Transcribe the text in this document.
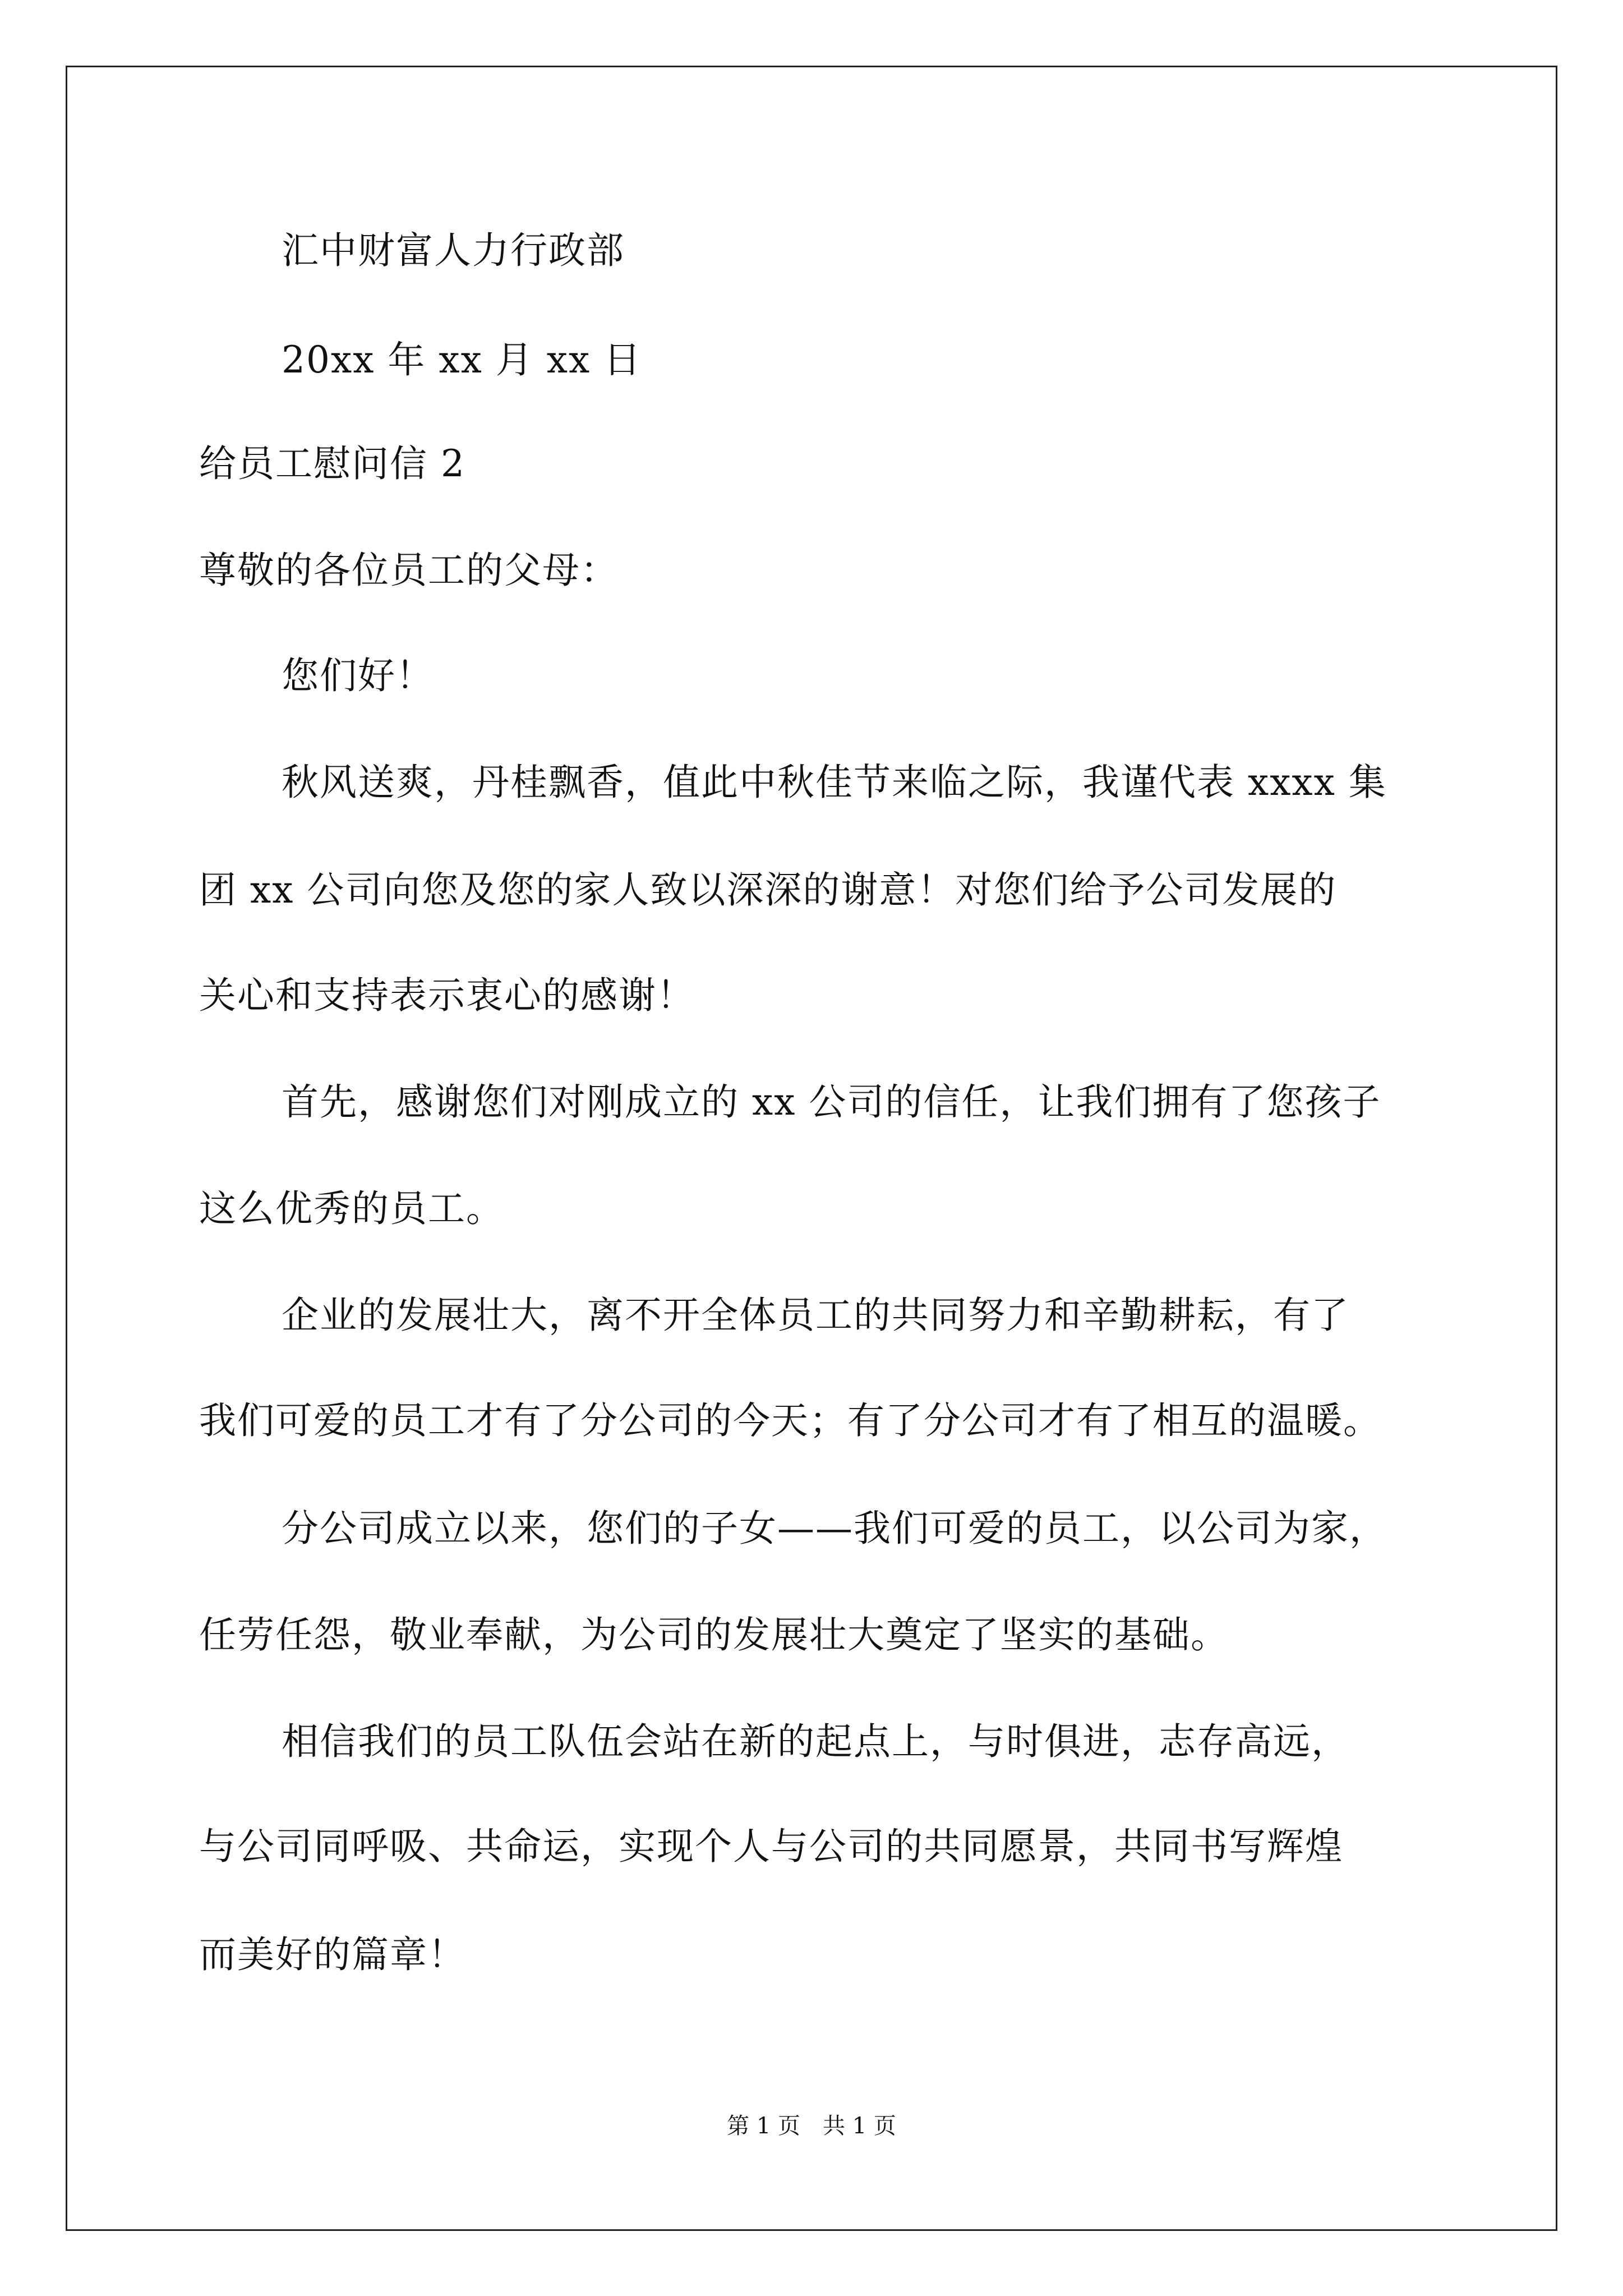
汇中财富人力行政部
20xx 年 xx 月 xx 日
给员工慰问信 2
尊敬的各位员工的父母：
您们好！
秋风送爽，丹桂飘香，值此中秋佳节来临之际，我谨代表 xxxx 集
团 xx 公司向您及您的家人致以深深的谢意！对您们给予公司发展的
关心和支持表示衷心的感谢！
首先，感谢您们对刚成立的 xx 公司的信任，让我们拥有了您孩子
这么优秀的员工。
企业的发展壮大，离不开全体员工的共同努力和辛勤耕耘，有了
我们可爱的员工才有了分公司的今天；有了分公司才有了相互的温暖。
分公司成立以来，您们的子女——我们可爱的员工，以公司为家，
任劳任怨，敬业奉献，为公司的发展壮大奠定了坚实的基础。
相信我们的员工队伍会站在新的起点上，与时俱进，志存高远，
与公司同呼吸、共命运，实现个人与公司的共同愿景，共同书写辉煌
而美好的篇章！
第 1 页　共 1 页
